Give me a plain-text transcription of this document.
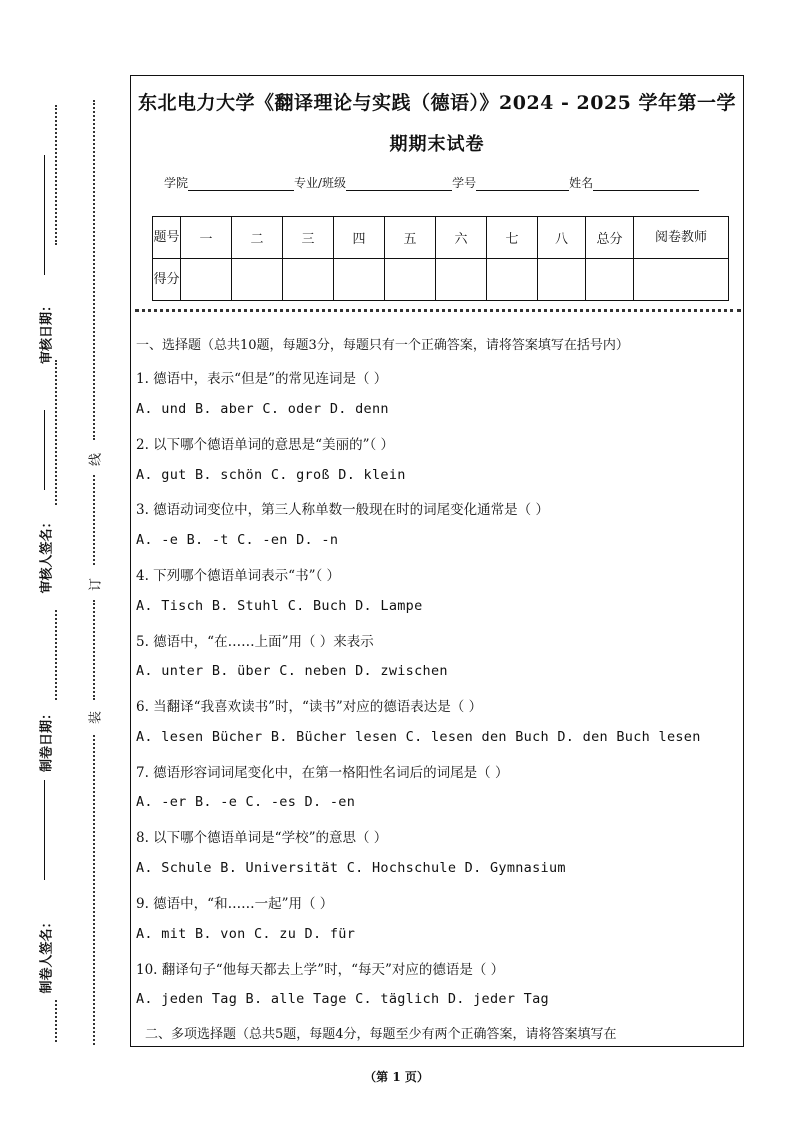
审核日期：
审核人签名：
制卷日期：
制卷人签名：
线
订
装
东北电力大学《翻译理论与实践（德语）》2024 - 2025 学年第一学
期期末试卷
学院	专业/班级	学号	姓名
题号	一	二	三	四	五	六	七	八	总分	阅卷教师
得分										
一、选择题（总共10题，每题3分，每题只有一个正确答案，请将答案填写在括号内）
1. 德语中，表示“但是”的常见连词是（ ）
A. und B. aber C. oder D. denn
2. 以下哪个德语单词的意思是“美丽的”（ ）
A. gut B. schön C. groß D. klein
3. 德语动词变位中，第三人称单数一般现在时的词尾变化通常是（ ）
A. -e B. -t C. -en D. -n
4. 下列哪个德语单词表示“书”（ ）
A. Tisch B. Stuhl C. Buch D. Lampe
5. 德语中，“在……上面”用（ ）来表示
A. unter B. über C. neben D. zwischen
6. 当翻译“我喜欢读书”时，“读书”对应的德语表达是（ ）
A. lesen Bücher B. Bücher lesen C. lesen den Buch D. den Buch lesen
7. 德语形容词词尾变化中，在第一格阳性名词后的词尾是（ ）
A. -er B. -e C. -es D. -en
8. 以下哪个德语单词是“学校”的意思（ ）
A. Schule B. Universität C. Hochschule D. Gymnasium
9. 德语中，“和……一起”用（ ）
A. mit B. von C. zu D. für
10. 翻译句子“他每天都去上学”时，“每天”对应的德语是（ ）
A. jeden Tag B. alle Tage C. täglich D. jeder Tag
二、多项选择题（总共5题，每题4分，每题至少有两个正确答案，请将答案填写在
（第 1 页）
